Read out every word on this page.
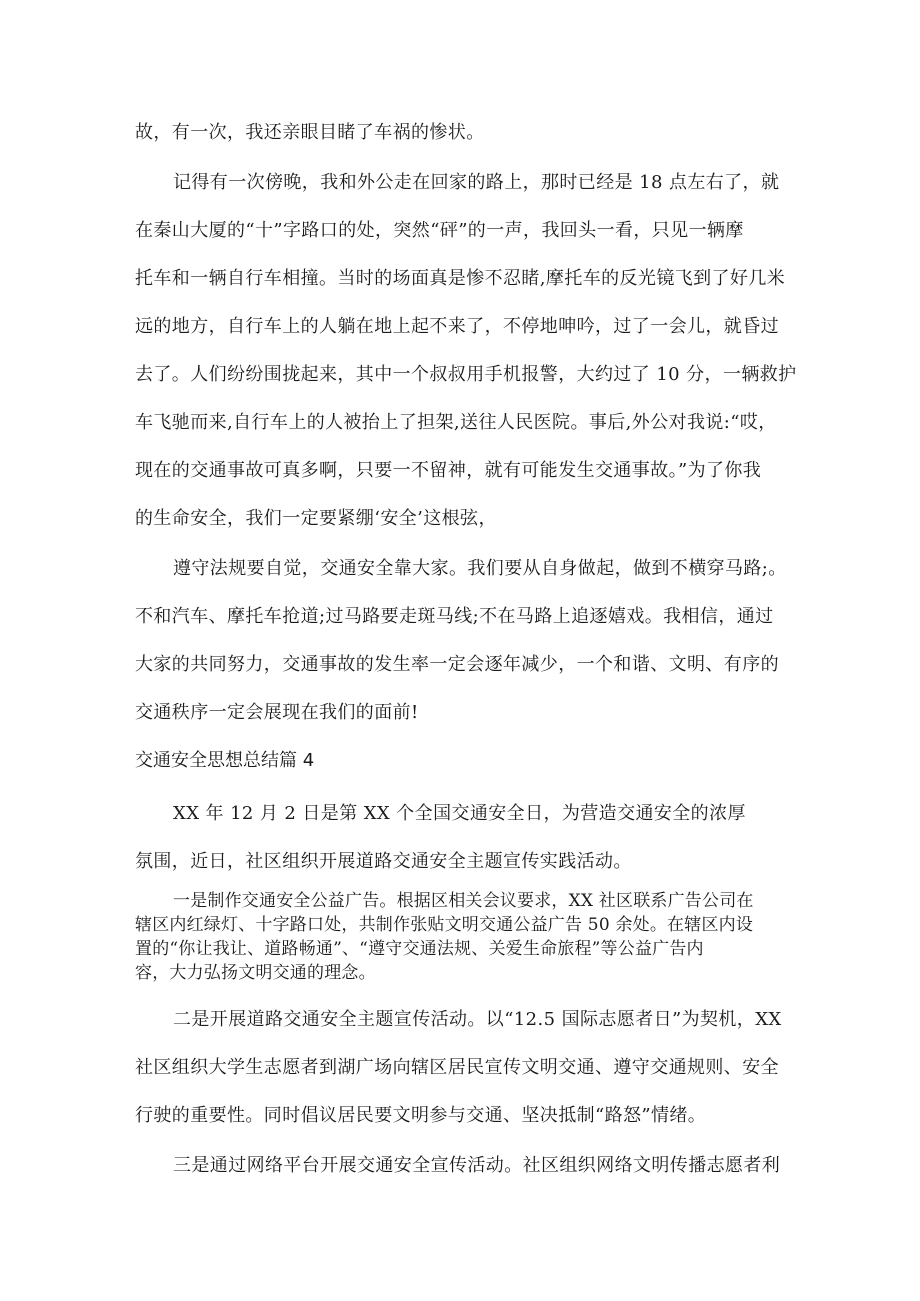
故，有一次，我还亲眼目睹了车祸的惨状。
记得有一次傍晚，我和外公走在回家的路上，那时已经是 18 点左右了，就
在秦山大厦的“十”字路口的处，突然“砰”的一声，我回头一看，只见一辆摩
托车和一辆自行车相撞。当时的场面真是惨不忍睹,摩托车的反光镜飞到了好几米
远的地方，自行车上的人躺在地上起不来了，不停地呻吟，过了一会儿，就昏过
去了。人们纷纷围拢起来，其中一个叔叔用手机报警，大约过了 10 分，一辆救护
车飞驰而来,自行车上的人被抬上了担架,送往人民医院。事后,外公对我说:“哎，
现在的交通事故可真多啊，只要一不留神，就有可能发生交通事故。”为了你我
的生命安全，我们一定要紧绷‘安全’这根弦，
遵守法规要自觉，交通安全靠大家。我们要从自身做起，做到不横穿马路;。
不和汽车、摩托车抢道;过马路要走斑马线;不在马路上追逐嬉戏。我相信，通过
大家的共同努力，交通事故的发生率一定会逐年减少，一个和谐、文明、有序的
交通秩序一定会展现在我们的面前!
交通安全思想总结篇 4
XX 年 12 月 2 日是第 XX 个全国交通安全日，为营造交通安全的浓厚
氛围，近日，社区组织开展道路交通安全主题宣传实践活动。
一是制作交通安全公益广告。根据区相关会议要求，XX 社区联系广告公司在
辖区内红绿灯、十字路口处，共制作张贴文明交通公益广告 50 余处。在辖区内设
置的“你让我让、道路畅通”、“遵守交通法规、关爱生命旅程”等公益广告内
容，大力弘扬文明交通的理念。
二是开展道路交通安全主题宣传活动。以“12.5 国际志愿者日”为契机，XX
社区组织大学生志愿者到湖广场向辖区居民宣传文明交通、遵守交通规则、安全
行驶的重要性。同时倡议居民要文明参与交通、坚决抵制“路怒”情绪。
三是通过网络平台开展交通安全宣传活动。社区组织网络文明传播志愿者利
